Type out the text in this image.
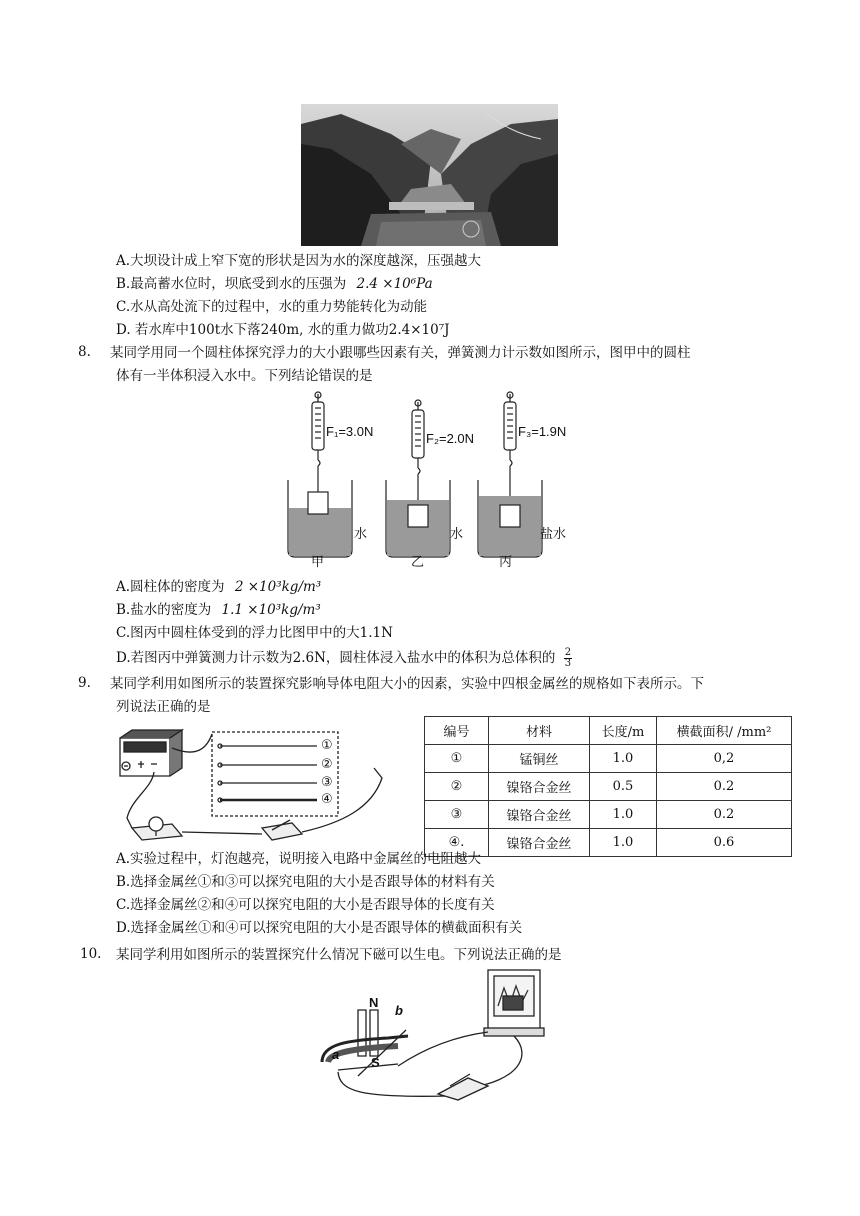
A.大坝设计成上窄下宽的形状是因为水的深度越深，压强越大
B.最高蓄水位时，坝底受到水的压强为 2.4 ×10⁶Pa
C.水从高处流下的过程中，水的重力势能转化为动能
D. 若水库中100t水下落240m, 水的重力做功2.4×10⁷J
8. 某同学用同一个圆柱体探究浮力的大小跟哪些因素有关，弹簧测力计示数如图所示，图甲中的圆柱
体有一半体积浸入水中。下列结论错误的是
F₁=3.0N	F₂=2.0N	F₃=1.9N
水	水	盐水
甲	乙	丙
A.圆柱体的密度为 2 ×10³kg/m³
B.盐水的密度为 1.1 ×10³kg/m³
C.图丙中圆柱体受到的浮力比图甲中的大1.1N
D.若图丙中弹簧测力计示数为2.6N，圆柱体浸入盐水中的体积为总体积的 $\frac{2}{3}$
9. 某同学利用如图所示的装置探究影响导体电阻大小的因素，实验中四根金属丝的规格如下表所示。下
列说法正确的是
①
②
③
④
编号	材料	长度/m	横截面积/ /mm²
①	锰铜丝	1.0	0,2
②	镍铬合金丝	0.5	0.2
③	镍铬合金丝	1.0	0.2
④.	镍铬合金丝	1.0	0.6
A.实验过程中，灯泡越亮，说明接入电路中金属丝的电阻越大
B.选择金属丝①和③可以探究电阻的大小是否跟导体的材料有关
C.选择金属丝②和④可以探究电阻的大小是否跟导体的长度有关
D.选择金属丝①和④可以探究电阻的大小是否跟导体的横截面积有关
10. 某同学利用如图所示的装置探究什么情况下磁可以生电。下列说法正确的是
N
S
a
b
